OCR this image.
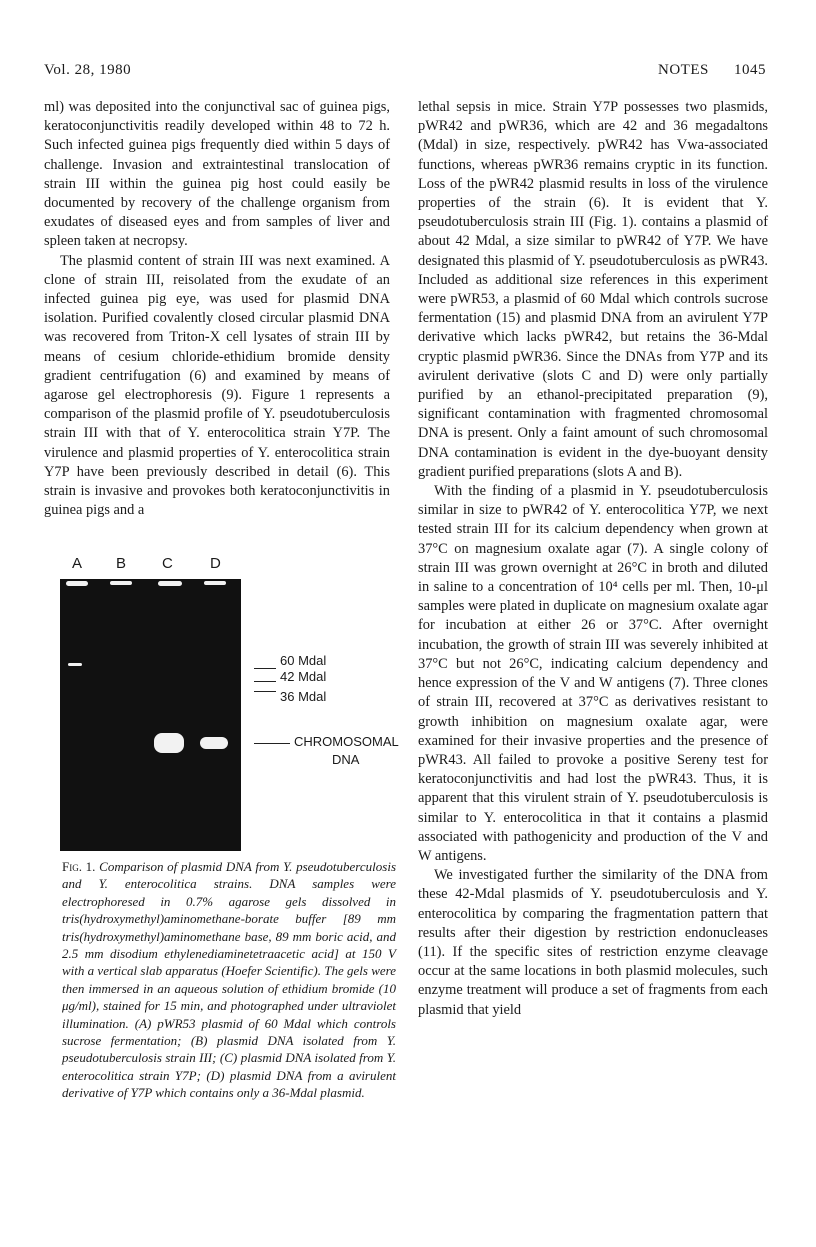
Vol. 28, 1980	NOTES 1045

ml) was deposited into the conjunctival sac of guinea pigs, keratoconjunctivitis readily developed within 48 to 72 h. Such infected guinea pigs frequently died within 5 days of challenge. Invasion and extraintestinal translocation of strain III within the guinea pig host could easily be documented by recovery of the challenge organism from exudates of diseased eyes and from samples of liver and spleen taken at necropsy.

The plasmid content of strain III was next examined. A clone of strain III, reisolated from the exudate of an infected guinea pig eye, was used for plasmid DNA isolation. Purified covalently closed circular plasmid DNA was recovered from Triton-X cell lysates of strain III by means of cesium chloride-ethidium bromide density gradient centrifugation (6) and examined by means of agarose gel electrophoresis (9). Figure 1 represents a comparison of the plasmid profile of Y. pseudotuberculosis strain III with that of Y. enterocolitica strain Y7P. The virulence and plasmid properties of Y. enterocolitica strain Y7P have been previously described in detail (6). This strain is invasive and provokes both keratoconjunctivitis in guinea pigs and a

A B C D
60 Mdal
42 Mdal
36 Mdal
CHROMOSOMAL
DNA
Fig. 1. Comparison of plasmid DNA from Y. pseudotuberculosis and Y. enterocolitica strains. DNA samples were electrophoresed in 0.7% agarose gels dissolved in tris(hydroxymethyl)aminomethane-borate buffer [89 mm tris(hydroxymethyl)aminomethane base, 89 mm boric acid, and 2.5 mm disodium ethylenediaminetetraacetic acid] at 150 V with a vertical slab apparatus (Hoefer Scientific). The gels were then immersed in an aqueous solution of ethidium bromide (10 μg/ml), stained for 15 min, and photographed under ultraviolet illumination. (A) pWR53 plasmid of 60 Mdal which controls sucrose fermentation; (B) plasmid DNA isolated from Y. pseudotuberculosis strain III; (C) plasmid DNA isolated from Y. enterocolitica strain Y7P; (D) plasmid DNA from a avirulent derivative of Y7P which contains only a 36-Mdal plasmid.

lethal sepsis in mice. Strain Y7P possesses two plasmids, pWR42 and pWR36, which are 42 and 36 megadaltons (Mdal) in size, respectively. pWR42 has Vwa-associated functions, whereas pWR36 remains cryptic in its function. Loss of the pWR42 plasmid results in loss of the virulence properties of the strain (6). It is evident that Y. pseudotuberculosis strain III (Fig. 1). contains a plasmid of about 42 Mdal, a size similar to pWR42 of Y7P. We have designated this plasmid of Y. pseudotuberculosis as pWR43. Included as additional size references in this experiment were pWR53, a plasmid of 60 Mdal which controls sucrose fermentation (15) and plasmid DNA from an avirulent Y7P derivative which lacks pWR42, but retains the 36-Mdal cryptic plasmid pWR36. Since the DNAs from Y7P and its avirulent derivative (slots C and D) were only partially purified by an ethanol-precipitated preparation (9), significant contamination with fragmented chromosomal DNA is present. Only a faint amount of such chromosomal DNA contamination is evident in the dye-buoyant density gradient purified preparations (slots A and B).

With the finding of a plasmid in Y. pseudotuberculosis similar in size to pWR42 of Y. enterocolitica Y7P, we next tested strain III for its calcium dependency when grown at 37°C on magnesium oxalate agar (7). A single colony of strain III was grown overnight at 26°C in broth and diluted in saline to a concentration of 10⁴ cells per ml. Then, 10-μl samples were plated in duplicate on magnesium oxalate agar for incubation at either 26 or 37°C. After overnight incubation, the growth of strain III was severely inhibited at 37°C but not 26°C, indicating calcium dependency and hence expression of the V and W antigens (7). Three clones of strain III, recovered at 37°C as derivatives resistant to growth inhibition on magnesium oxalate agar, were examined for their invasive properties and the presence of pWR43. All failed to provoke a positive Sereny test for keratoconjunctivitis and had lost the pWR43. Thus, it is apparent that this virulent strain of Y. pseudotuberculosis is similar to Y. enterocolitica in that it contains a plasmid associated with pathogenicity and production of the V and W antigens.

We investigated further the similarity of the DNA from these 42-Mdal plasmids of Y. pseudotuberculosis and Y. enterocolitica by comparing the fragmentation pattern that results after their digestion by restriction endonucleases (11). If the specific sites of restriction enzyme cleavage occur at the same locations in both plasmid molecules, such enzyme treatment will produce a set of fragments from each plasmid that yield
